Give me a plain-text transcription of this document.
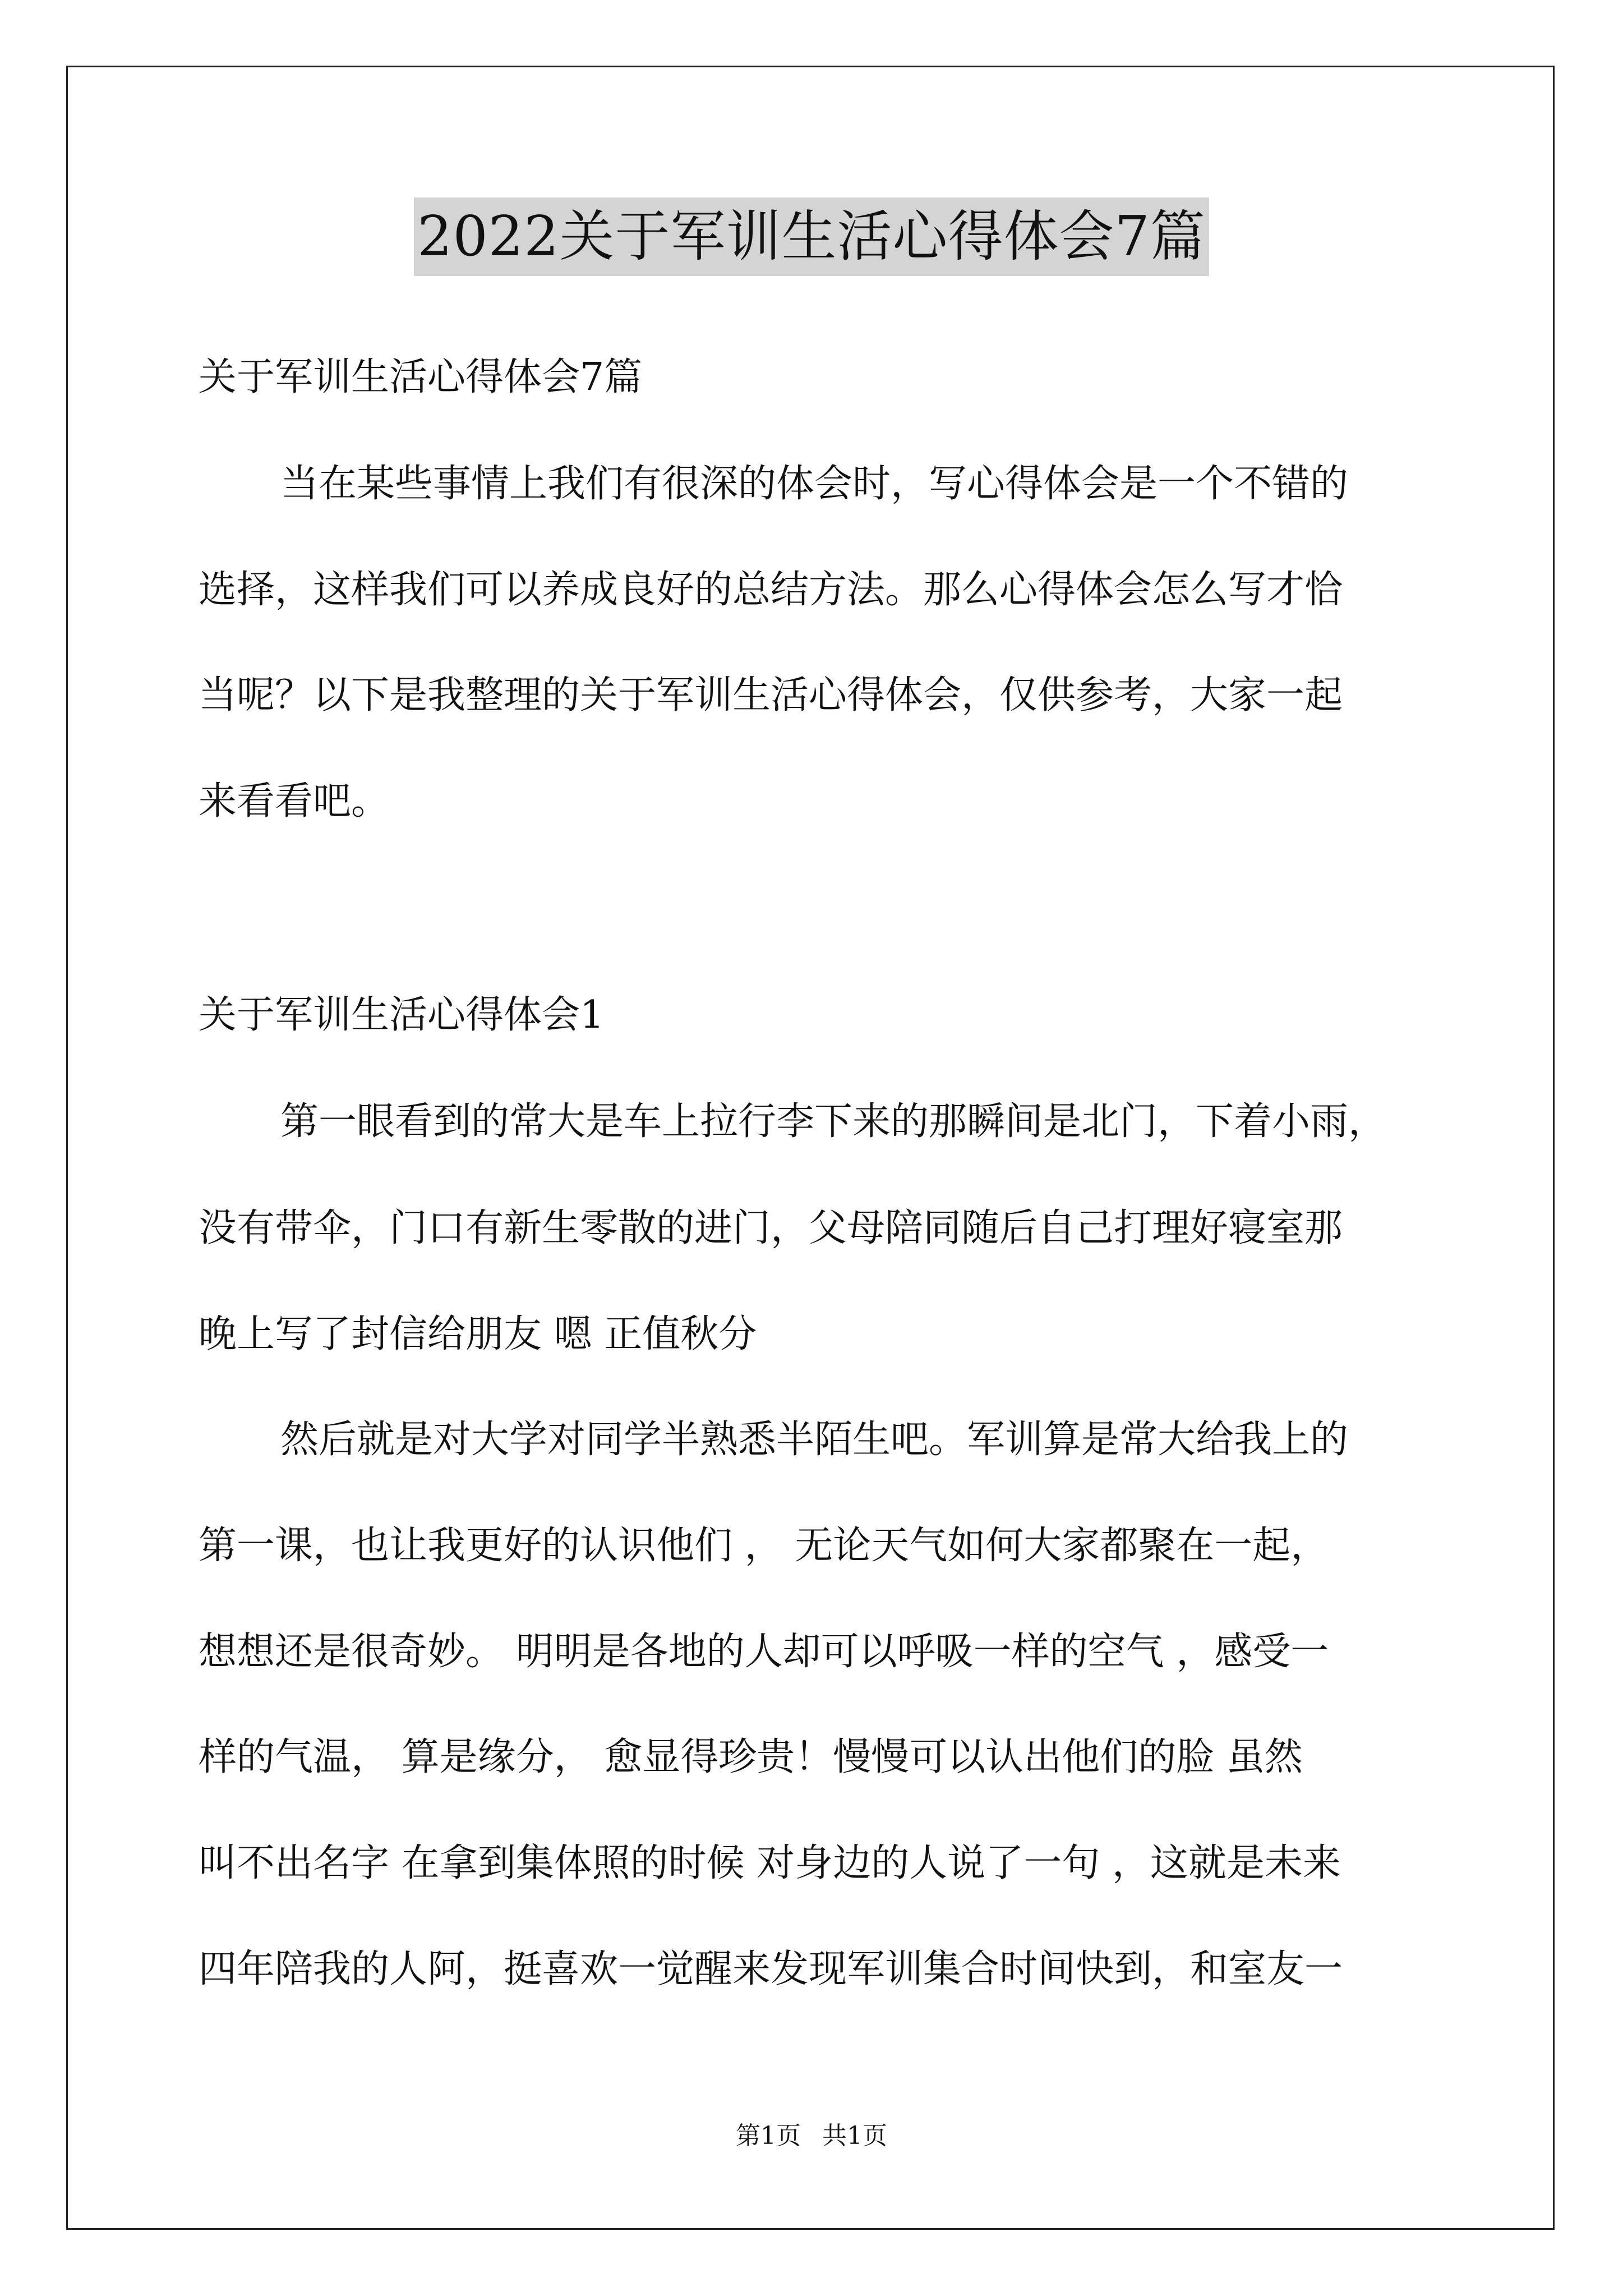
2022关于军训生活心得体会7篇
关于军训生活心得体会7篇
当在某些事情上我们有很深的体会时，写心得体会是一个不错的
选择，这样我们可以养成良好的总结方法。那么心得体会怎么写才恰
当呢？以下是我整理的关于军训生活心得体会，仅供参考，大家一起
来看看吧。
关于军训生活心得体会1
第一眼看到的常大是车上拉行李下来的那瞬间是北门，下着小雨，
没有带伞，门口有新生零散的进门，父母陪同随后自己打理好寝室那
晚上写了封信给朋友 嗯 正值秋分
然后就是对大学对同学半熟悉半陌生吧。军训算是常大给我上的
第一课，也让我更好的认识他们 ， 无论天气如何大家都聚在一起，
想想还是很奇妙。 明明是各地的人却可以呼吸一样的空气 ，感受一
样的气温， 算是缘分， 愈显得珍贵！慢慢可以认出他们的脸 虽然
叫不出名字 在拿到集体照的时候 对身边的人说了一句 ，这就是未来
四年陪我的人阿，挺喜欢一觉醒来发现军训集合时间快到，和室友一
第1页 共1页
